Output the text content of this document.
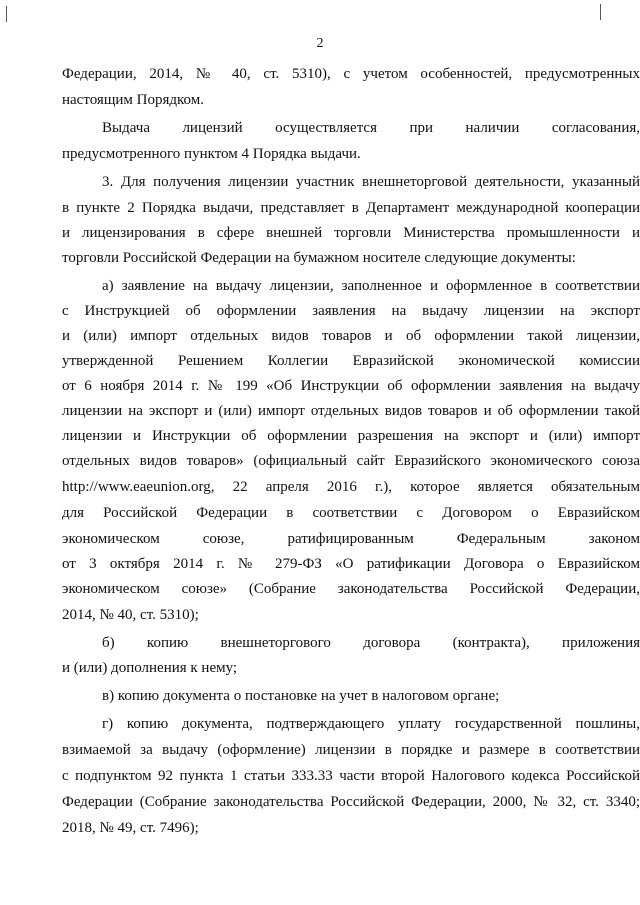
2
Федерации, 2014, № 40, ст. 5310), с учетом особенностей, предусмотренных
настоящим Порядком.
Выдача лицензий осуществляется при наличии согласования,
предусмотренного пунктом 4 Порядка выдачи.
3. Для получения лицензии участник внешнеторговой деятельности, указанный
в пункте 2 Порядка выдачи, представляет в Департамент международной кооперации
и лицензирования в сфере внешней торговли Министерства промышленности и
торговли Российской Федерации на бумажном носителе следующие документы:
а) заявление на выдачу лицензии, заполненное и оформленное в соответствии
с Инструкцией об оформлении заявления на выдачу лицензии на экспорт
и (или) импорт отдельных видов товаров и об оформлении такой лицензии,
утвержденной Решением Коллегии Евразийской экономической комиссии
от 6 ноября 2014 г. № 199 «Об Инструкции об оформлении заявления на выдачу
лицензии на экспорт и (или) импорт отдельных видов товаров и об оформлении такой
лицензии и Инструкции об оформлении разрешения на экспорт и (или) импорт
отдельных видов товаров» (официальный сайт Евразийского экономического союза
http://www.eaeunion.org, 22 апреля 2016 г.), которое является обязательным
для Российской Федерации в соответствии с Договором о Евразийском
экономическом союзе, ратифицированным Федеральным законом
от 3 октября 2014 г. № 279-ФЗ «О ратификации Договора о Евразийском
экономическом союзе» (Собрание законодательства Российской Федерации,
2014, № 40, ст. 5310);
б) копию внешнеторгового договора (контракта), приложения
и (или) дополнения к нему;
в) копию документа о постановке на учет в налоговом органе;
г) копию документа, подтверждающего уплату государственной пошлины,
взимаемой за выдачу (оформление) лицензии в порядке и размере в соответствии
с подпунктом 92 пункта 1 статьи 333.33 части второй Налогового кодекса Российской
Федерации (Собрание законодательства Российской Федерации, 2000, № 32, ст. 3340;
2018, № 49, ст. 7496);
